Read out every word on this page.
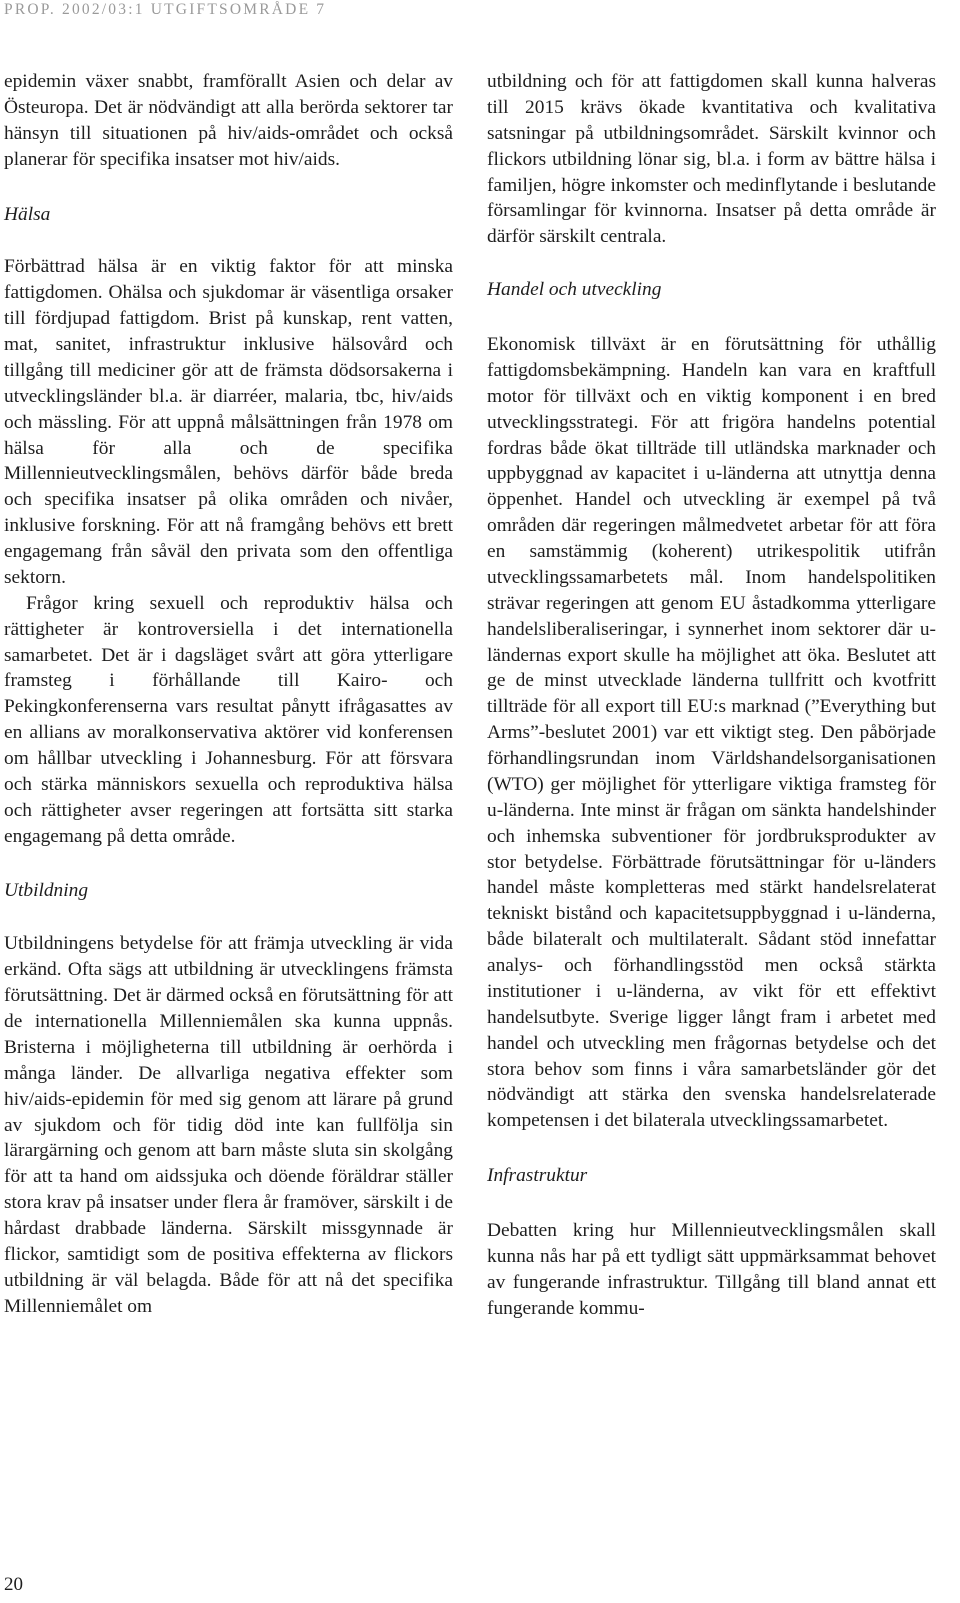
PROP. 2002/03:1 UTGIFTSOMRÅDE 7

epidemin växer snabbt, framförallt Asien och delar av Östeuropa. Det är nödvändigt att alla berörda sektorer tar hänsyn till situationen på hiv/aids-området och också planerar för specifika insatser mot hiv/aids.

Hälsa

Förbättrad hälsa är en viktig faktor för att minska fattigdomen. Ohälsa och sjukdomar är väsentliga orsaker till fördjupad fattigdom. Brist på kunskap, rent vatten, mat, sanitet, infrastruktur inklusive hälsovård och tillgång till mediciner gör att de främsta dödsorsakerna i utvecklingsländer bl.a. är diarréer, malaria, tbc, hiv/aids och mässling. För att uppnå målsättningen från 1978 om hälsa för alla och de specifika Millennieutvecklingsmålen, behövs därför både breda och specifika insatser på olika områden och nivåer, inklusive forskning. För att nå framgång behövs ett brett engagemang från såväl den privata som den offentliga sektorn.

Frågor kring sexuell och reproduktiv hälsa och rättigheter är kontroversiella i det internationella samarbetet. Det är i dagsläget svårt att göra ytterligare framsteg i förhållande till Kairo- och Pekingkonferenserna vars resultat pånytt ifrågasattes av en allians av moralkonservativa aktörer vid konferensen om hållbar utveckling i Johannesburg. För att försvara och stärka människors sexuella och reproduktiva hälsa och rättigheter avser regeringen att fortsätta sitt starka engagemang på detta område.

Utbildning

Utbildningens betydelse för att främja utveckling är vida erkänd. Ofta sägs att utbildning är utvecklingens främsta förutsättning. Det är därmed också en förutsättning för att de internationella Millenniemålen ska kunna uppnås. Bristerna i möjligheterna till utbildning är oerhörda i många länder. De allvarliga negativa effekter som hiv/aids-epidemin för med sig genom att lärare på grund av sjukdom och för tidig död inte kan fullfölja sin lärargärning och genom att barn måste sluta sin skolgång för att ta hand om aidssjuka och döende föräldrar ställer stora krav på insatser under flera år framöver, särskilt i de hårdast drabbade länderna. Särskilt missgynnade är flickor, samtidigt som de positiva effekterna av flickors utbildning är väl belagda. Både för att nå det specifika Millenniemålet om

utbildning och för att fattigdomen skall kunna halveras till 2015 krävs ökade kvantitativa och kvalitativa satsningar på utbildningsområdet. Särskilt kvinnor och flickors utbildning lönar sig, bl.a. i form av bättre hälsa i familjen, högre inkomster och medinflytande i beslutande församlingar för kvinnorna. Insatser på detta område är därför särskilt centrala.

Handel och utveckling

Ekonomisk tillväxt är en förutsättning för uthållig fattigdomsbekämpning. Handeln kan vara en kraftfull motor för tillväxt och en viktig komponent i en bred utvecklingsstrategi. För att frigöra handelns potential fordras både ökat tillträde till utländska marknader och uppbyggnad av kapacitet i u-länderna att utnyttja denna öppenhet. Handel och utveckling är exempel på två områden där regeringen målmedvetet arbetar för att föra en samstämmig (koherent) utrikespolitik utifrån utvecklingssamarbetets mål. Inom handelspolitiken strävar regeringen att genom EU åstadkomma ytterligare handelsliberaliseringar, i synnerhet inom sektorer där u-ländernas export skulle ha möjlighet att öka. Beslutet att ge de minst utvecklade länderna tullfritt och kvotfritt tillträde för all export till EU:s marknad (”Everything but Arms”-beslutet 2001) var ett viktigt steg. Den påbörjade förhandlingsrundan inom Världshandelsorganisationen (WTO) ger möjlighet för ytterligare viktiga framsteg för u-länderna. Inte minst är frågan om sänkta handelshinder och inhemska subventioner för jordbruksprodukter av stor betydelse. Förbättrade förutsättningar för u-länders handel måste kompletteras med stärkt handelsrelaterat tekniskt bistånd och kapacitetsuppbyggnad i u-länderna, både bilateralt och multilateralt. Sådant stöd innefattar analys- och förhandlingsstöd men också stärkta institutioner i u-länderna, av vikt för ett effektivt handelsutbyte. Sverige ligger långt fram i arbetet med handel och utveckling men frågornas betydelse och det stora behov som finns i våra samarbetsländer gör det nödvändigt att stärka den svenska handelsrelaterade kompetensen i det bilaterala utvecklingssamarbetet.

Infrastruktur

Debatten kring hur Millennieutvecklingsmålen skall kunna nås har på ett tydligt sätt uppmärksammat behovet av fungerande infrastruktur. Tillgång till bland annat ett fungerande kommu-

20
